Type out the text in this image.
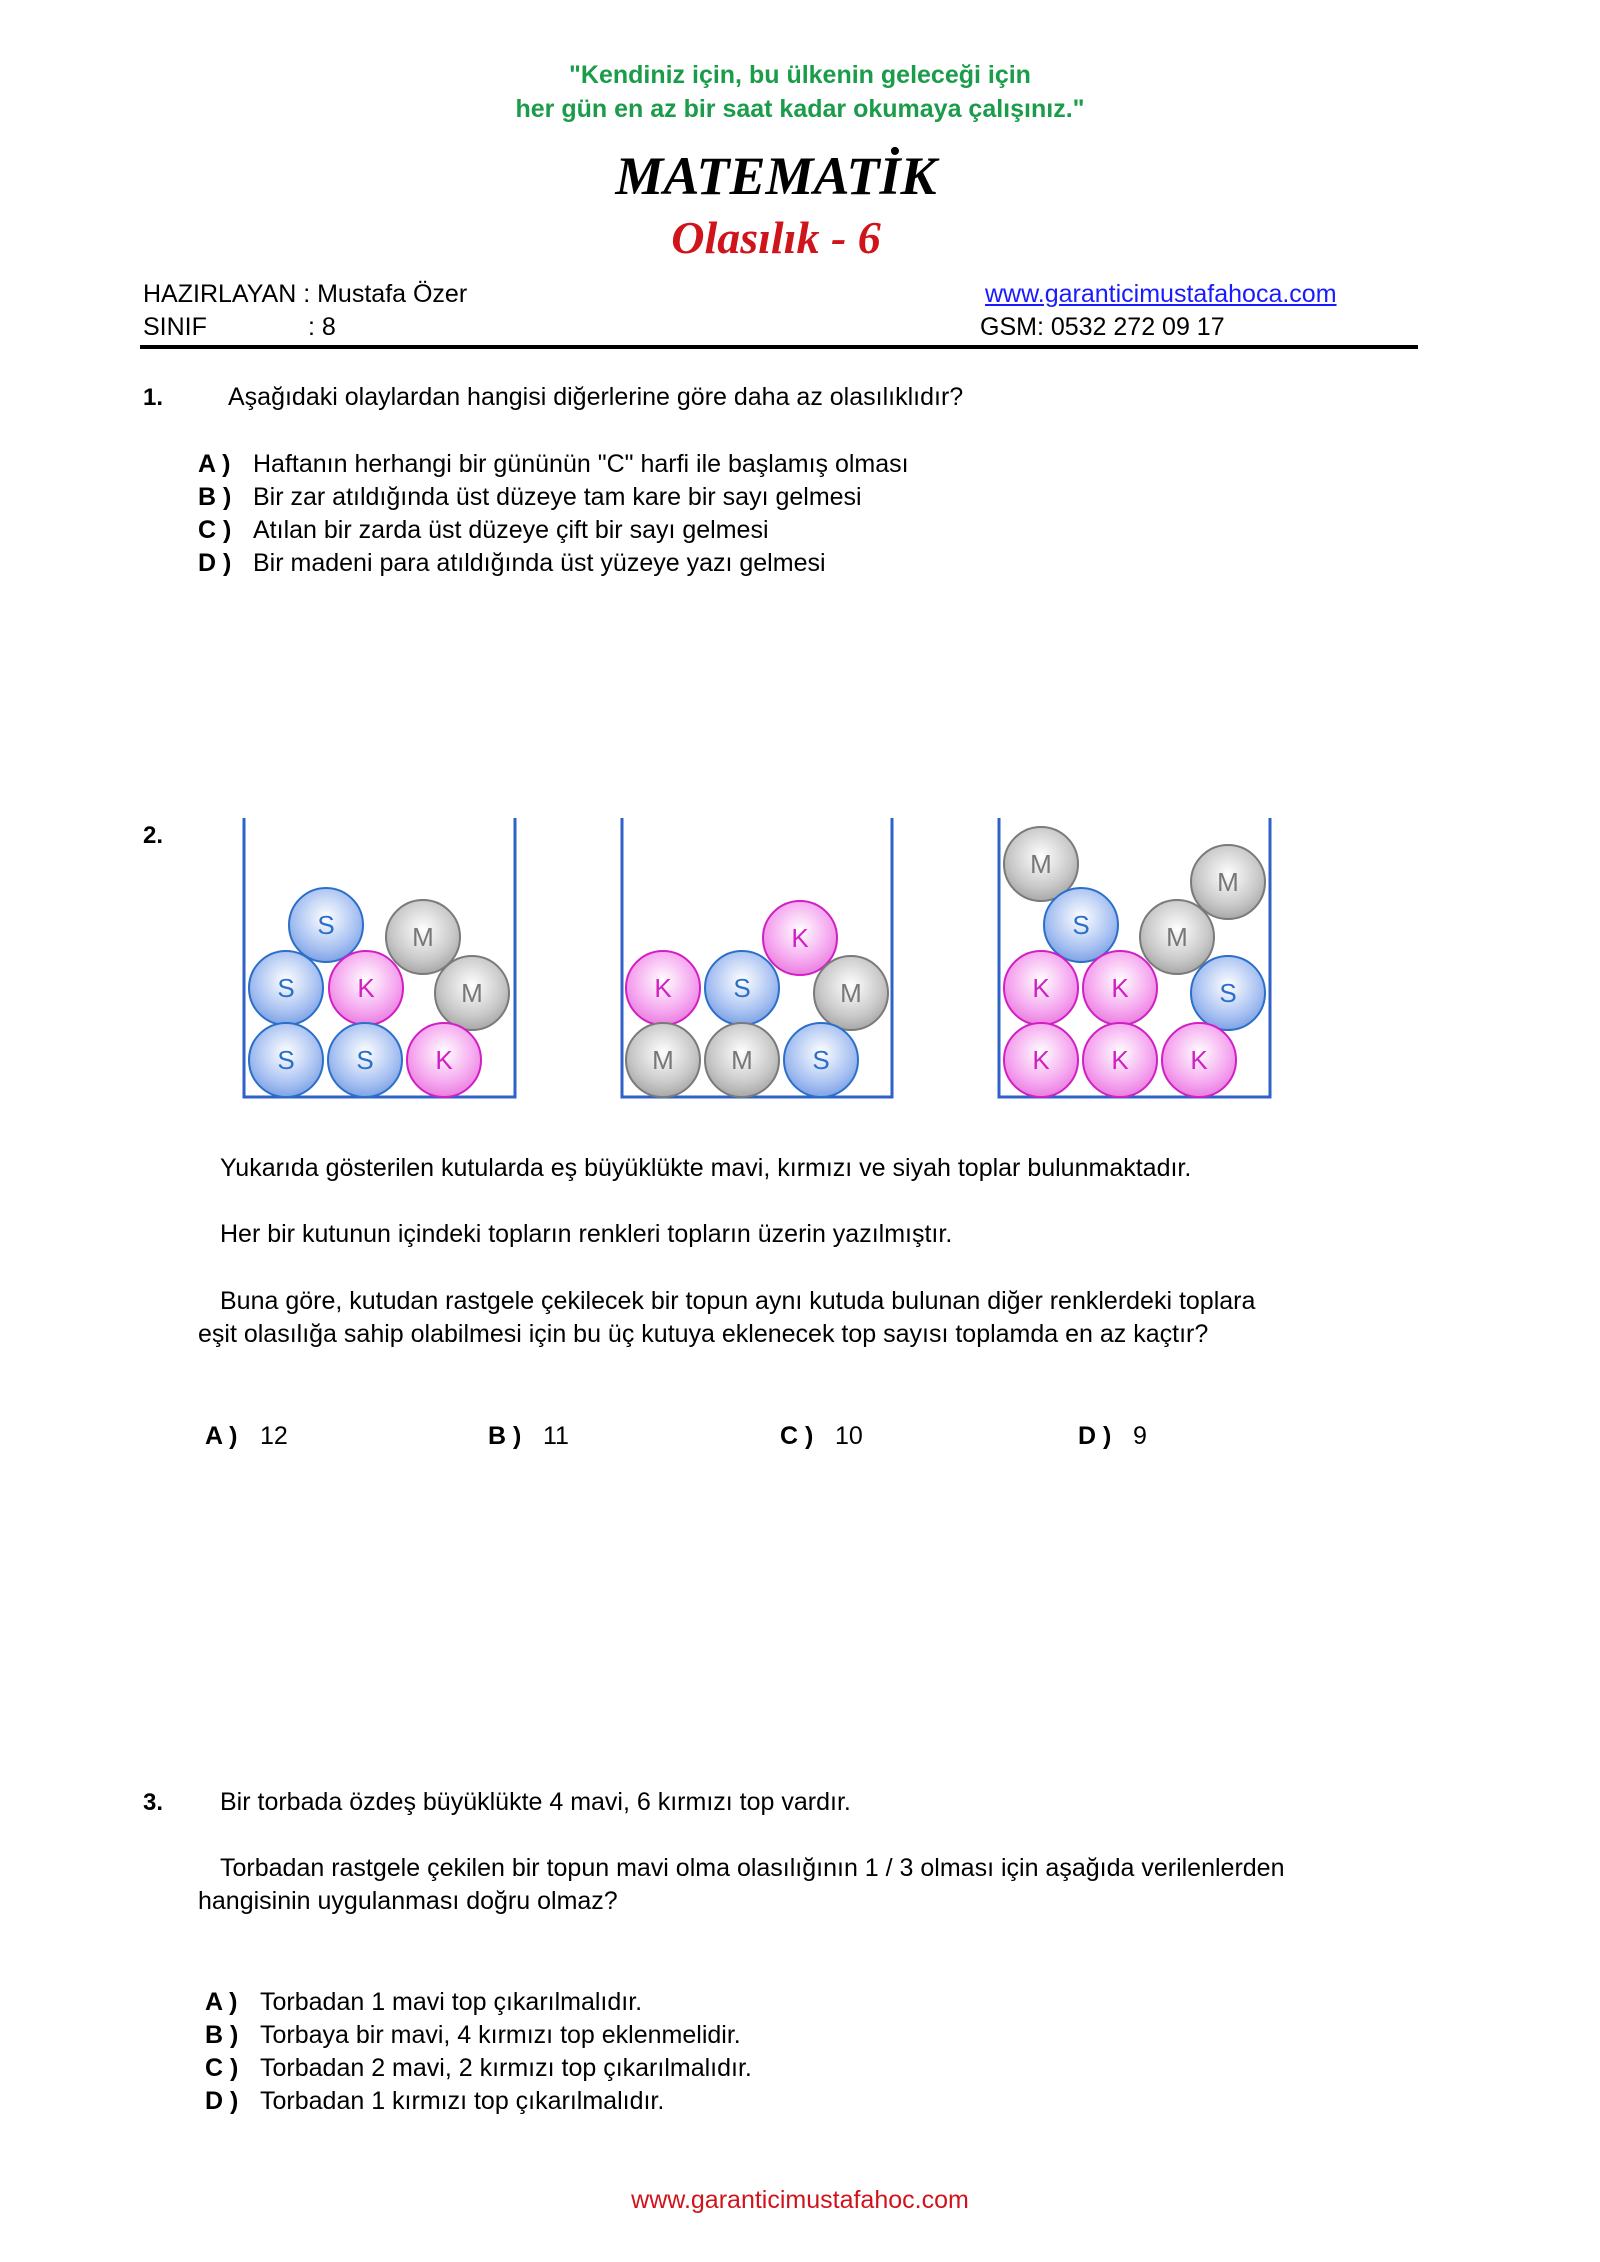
"Kendiniz için, bu ülkenin geleceği için
her gün en az bir saat kadar okumaya çalışınız."
MATEMATİK
Olasılık - 6
HAZIRLAYAN : Mustafa Özer
SINIF	: 8
www.garanticimustafahoca.com
GSM: 0532 272 09 17
1.	Aşağıdaki olaylardan hangisi diğerlerine göre daha az olasılıklıdır?
A ) Haftanın herhangi bir gününün "C" harfi ile başlamış olması
B ) Bir zar atıldığında üst düzeye tam kare bir sayı gelmesi
C ) Atılan bir zarda üst düzeye çift bir sayı gelmesi
D ) Bir madeni para atıldığında üst yüzeye yazı gelmesi
2.
S	M
S K	M
S S K
K
K S	M
M M S
M
M
S	M
K K	S
K K K
Yukarıda gösterilen kutularda eş büyüklükte mavi, kırmızı ve siyah toplar bulunmaktadır.
Her bir kutunun içindeki topların renkleri topların üzerin yazılmıştır.
Buna göre, kutudan rastgele çekilecek bir topun aynı kutuda bulunan diğer renklerdeki toplara
eşit olasılığa sahip olabilmesi için bu üç kutuya eklenecek top sayısı toplamda en az kaçtır?
A ) 12	B ) 11	C ) 10	D ) 9
3. Bir torbada özdeş büyüklükte 4 mavi, 6 kırmızı top vardır.
Torbadan rastgele çekilen bir topun mavi olma olasılığının 1 / 3 olması için aşağıda verilenlerden
hangisinin uygulanması doğru olmaz?
A ) Torbadan 1 mavi top çıkarılmalıdır.
B ) Torbaya bir mavi, 4 kırmızı top eklenmelidir.
C ) Torbadan 2 mavi, 2 kırmızı top çıkarılmalıdır.
D ) Torbadan 1 kırmızı top çıkarılmalıdır.
www.garanticimustafahoc.com
